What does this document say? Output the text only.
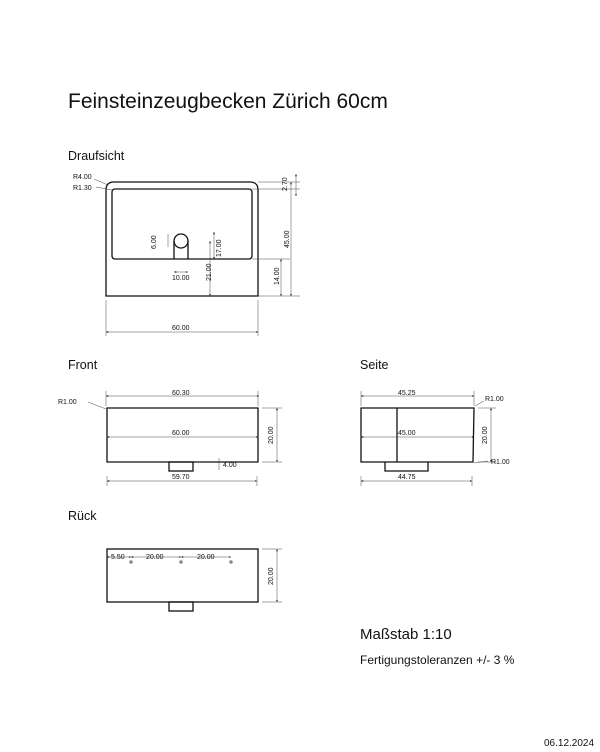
Feinsteinzeugbecken Zürich 60cm
Draufsicht
Front	Seite
Rück
Maßstab 1:10
Fertigungstoleranzen +/- 3 %
06.12.2024
R4.00
R1.30	2.70
45.00
6.00	17.00
21.00	14.00
10.00
60.00
R1.00
60.30
60.00	20.00
4.00
59.70
45.25
R1.00
45.00	20.00
R1.00
44.75
5.50	20.00	20.00
20.00
